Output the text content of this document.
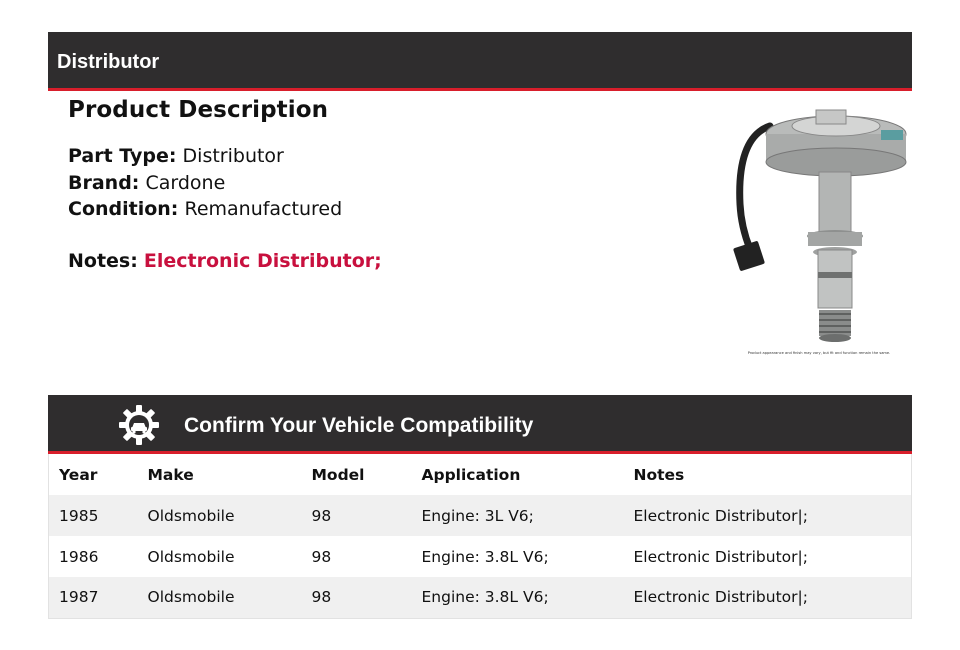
Distributor
Product Description
Part Type: Distributor
Brand: Cardone
Condition: Remanufactured
Notes: Electronic Distributor;
Product appearance and finish may vary, but fit and function remain the same.
Confirm Your Vehicle Compatibility
Year	Make	Model	Application	Notes
1985	Oldsmobile	98	Engine: 3L V6;	Electronic Distributor|;
1986	Oldsmobile	98	Engine: 3.8L V6;	Electronic Distributor|;
1987	Oldsmobile	98	Engine: 3.8L V6;	Electronic Distributor|;
